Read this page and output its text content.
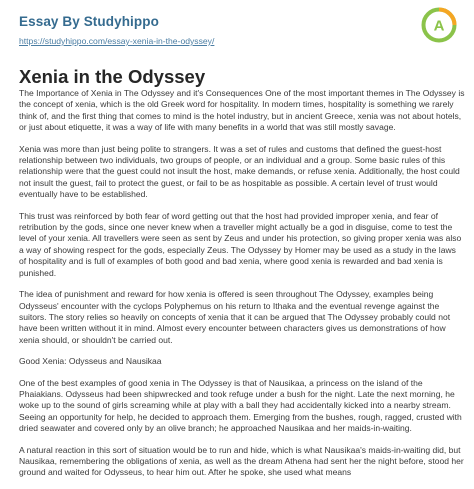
Essay By Studyhippo
https://studyhippo.com/essay-xenia-in-the-odyssey/
A
Xenia in the Odyssey

The Importance of Xenia in The Odyssey and it's Consequences One of the most important themes in The Odyssey is the concept of xenia, which is the old Greek word for hospitality. In modern times, hospitality is something we rarely think of, and the first thing that comes to mind is the hotel industry, but in ancient Greece, xenia was not about hotels, or just about etiquette, it was a way of life with many benefits in a world that was still mostly savage.

Xenia was more than just being polite to strangers. It was a set of rules and customs that defined the guest-host relationship between two individuals, two groups of people, or an individual and a group. Some basic rules of this relationship were that the guest could not insult the host, make demands, or refuse xenia. Additionally, the host could not insult the guest, fail to protect the guest, or fail to be as hospitable as possible. A certain level of trust would eventually have to be established.

This trust was reinforced by both fear of word getting out that the host had provided improper xenia, and fear of retribution by the gods, since one never knew when a traveller might actually be a god in disguise, come to test the level of your xenia. All travellers were seen as sent by Zeus and under his protection, so giving proper xenia was also a way of showing respect for the gods, especially Zeus. The Odyssey by Homer may be used as a study in the laws of hospitality and is full of examples of both good and bad xenia, where good xenia is rewarded and bad xenia is punished.

The idea of punishment and reward for how xenia is offered is seen throughout The Odyssey, examples being Odysseus' encounter with the cyclops Polyphemus on his return to Ithaka and the eventual revenge against the suitors. The story relies so heavily on concepts of xenia that it can be argued that The Odyssey probably could not have been written without it in mind. Almost every encounter between characters gives us demonstrations of how xenia should, or shouldn't be carried out.

Good Xenia: Odysseus and Nausikaa

One of the best examples of good xenia in The Odyssey is that of Nausikaa, a princess on the island of the Phaiakians. Odysseus had been shipwrecked and took refuge under a bush for the night. Late the next morning, he woke up to the sound of girls screaming while at play with a ball they had accidentally kicked into a nearby stream. Seeing an opportunity for help, he decided to approach them. Emerging from the bushes, rough, ragged, crusted with dried seawater and covered only by an olive branch; he approached Nausikaa and her maids-in-waiting.

A natural reaction in this sort of situation would be to run and hide, which is what Nausikaa's maids-in-waiting did, but Nausikaa, remembering the obligations of xenia, as well as the dream Athena had sent her the night before, stood her ground and waited for Odysseus, to hear him out. After he spoke, she used what means
